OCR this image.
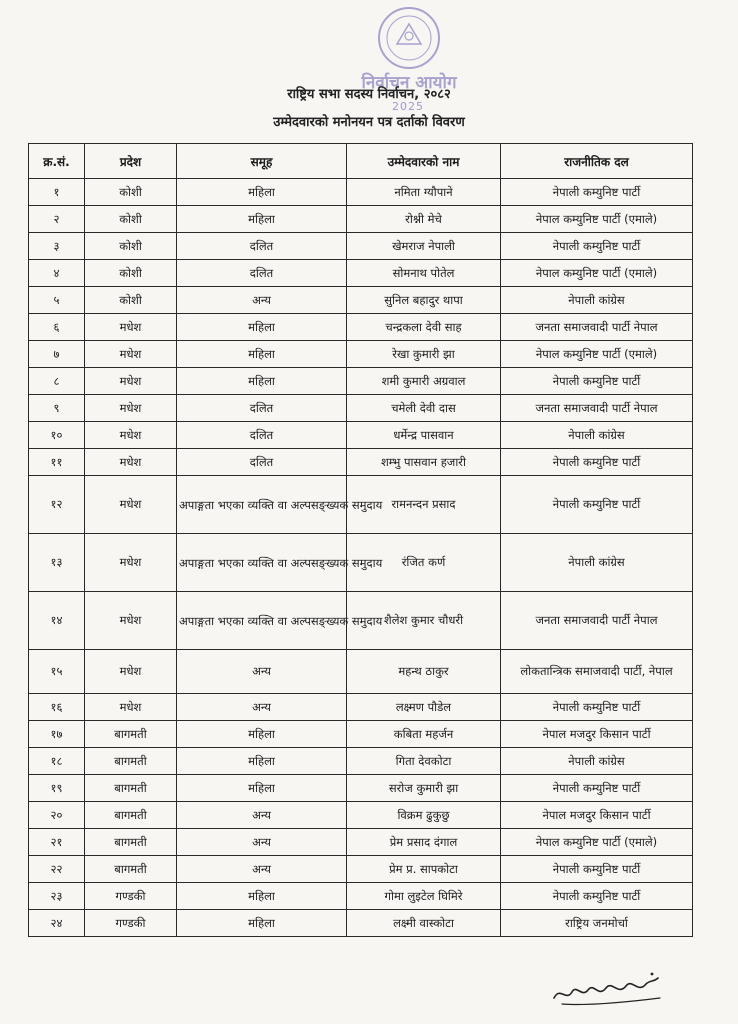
निर्वाचन आयोग
राष्ट्रिय सभा सदस्य निर्वाचन, २०८२
2025
उम्मेदवारको मनोनयन पत्र दर्ताको विवरण
क्र.सं.	प्रदेश	समूह	उम्मेदवारको नाम	राजनीतिक दल
१	कोशी	महिला	नमिता ग्यौपाने	नेपाली कम्युनिष्ट पार्टी
२	कोशी	महिला	रोश्नी मेचे	नेपाल कम्युनिष्ट पार्टी (एमाले)
३	कोशी	दलित	खेमराज नेपाली	नेपाली कम्युनिष्ट पार्टी
४	कोशी	दलित	सोमनाथ पोतेल	नेपाल कम्युनिष्ट पार्टी (एमाले)
५	कोशी	अन्य	सुनिल बहादुर थापा	नेपाली कांग्रेस
६	मधेश	महिला	चन्द्रकला देवी साह	जनता समाजवादी पार्टी नेपाल
७	मधेश	महिला	रेखा कुमारी झा	नेपाल कम्युनिष्ट पार्टी (एमाले)
८	मधेश	महिला	शमी कुमारी अग्रवाल	नेपाली कम्युनिष्ट पार्टी
९	मधेश	दलित	चमेली देवी दास	जनता समाजवादी पार्टी नेपाल
१०	मधेश	दलित	धर्मेन्द्र पासवान	नेपाली कांग्रेस
११	मधेश	दलित	शम्भु पासवान हजारी	नेपाली कम्युनिष्ट पार्टी
१२	मधेश	अपाङ्गता भएका व्यक्ति वा अल्पसङ्ख्यक समुदाय	रामनन्दन प्रसाद	नेपाली कम्युनिष्ट पार्टी
१३	मधेश	अपाङ्गता भएका व्यक्ति वा अल्पसङ्ख्यक समुदाय	रंजित कर्ण	नेपाली कांग्रेस
१४	मधेश	अपाङ्गता भएका व्यक्ति वा अल्पसङ्ख्यक समुदाय	शैलेश कुमार चौधरी	जनता समाजवादी पार्टी नेपाल
१५	मधेश	अन्य	महन्थ ठाकुर	लोकतान्त्रिक समाजवादी पार्टी, नेपाल
१६	मधेश	अन्य	लक्ष्मण पौडेल	नेपाली कम्युनिष्ट पार्टी
१७	बागमती	महिला	कबिता महर्जन	नेपाल मजदुर किसान पार्टी
१८	बागमती	महिला	गिता देवकोटा	नेपाली कांग्रेस
१९	बागमती	महिला	सरोज कुमारी झा	नेपाली कम्युनिष्ट पार्टी
२०	बागमती	अन्य	विक्रम ढुकुछु	नेपाल मजदुर किसान पार्टी
२१	बागमती	अन्य	प्रेम प्रसाद दंगाल	नेपाल कम्युनिष्ट पार्टी (एमाले)
२२	बागमती	अन्य	प्रेम प्र. सापकोटा	नेपाली कम्युनिष्ट पार्टी
२३	गण्डकी	महिला	गोमा लुइटेल घिमिरे	नेपाली कम्युनिष्ट पार्टी
२४	गण्डकी	महिला	लक्ष्मी वास्कोटा	राष्ट्रिय जनमोर्चा
